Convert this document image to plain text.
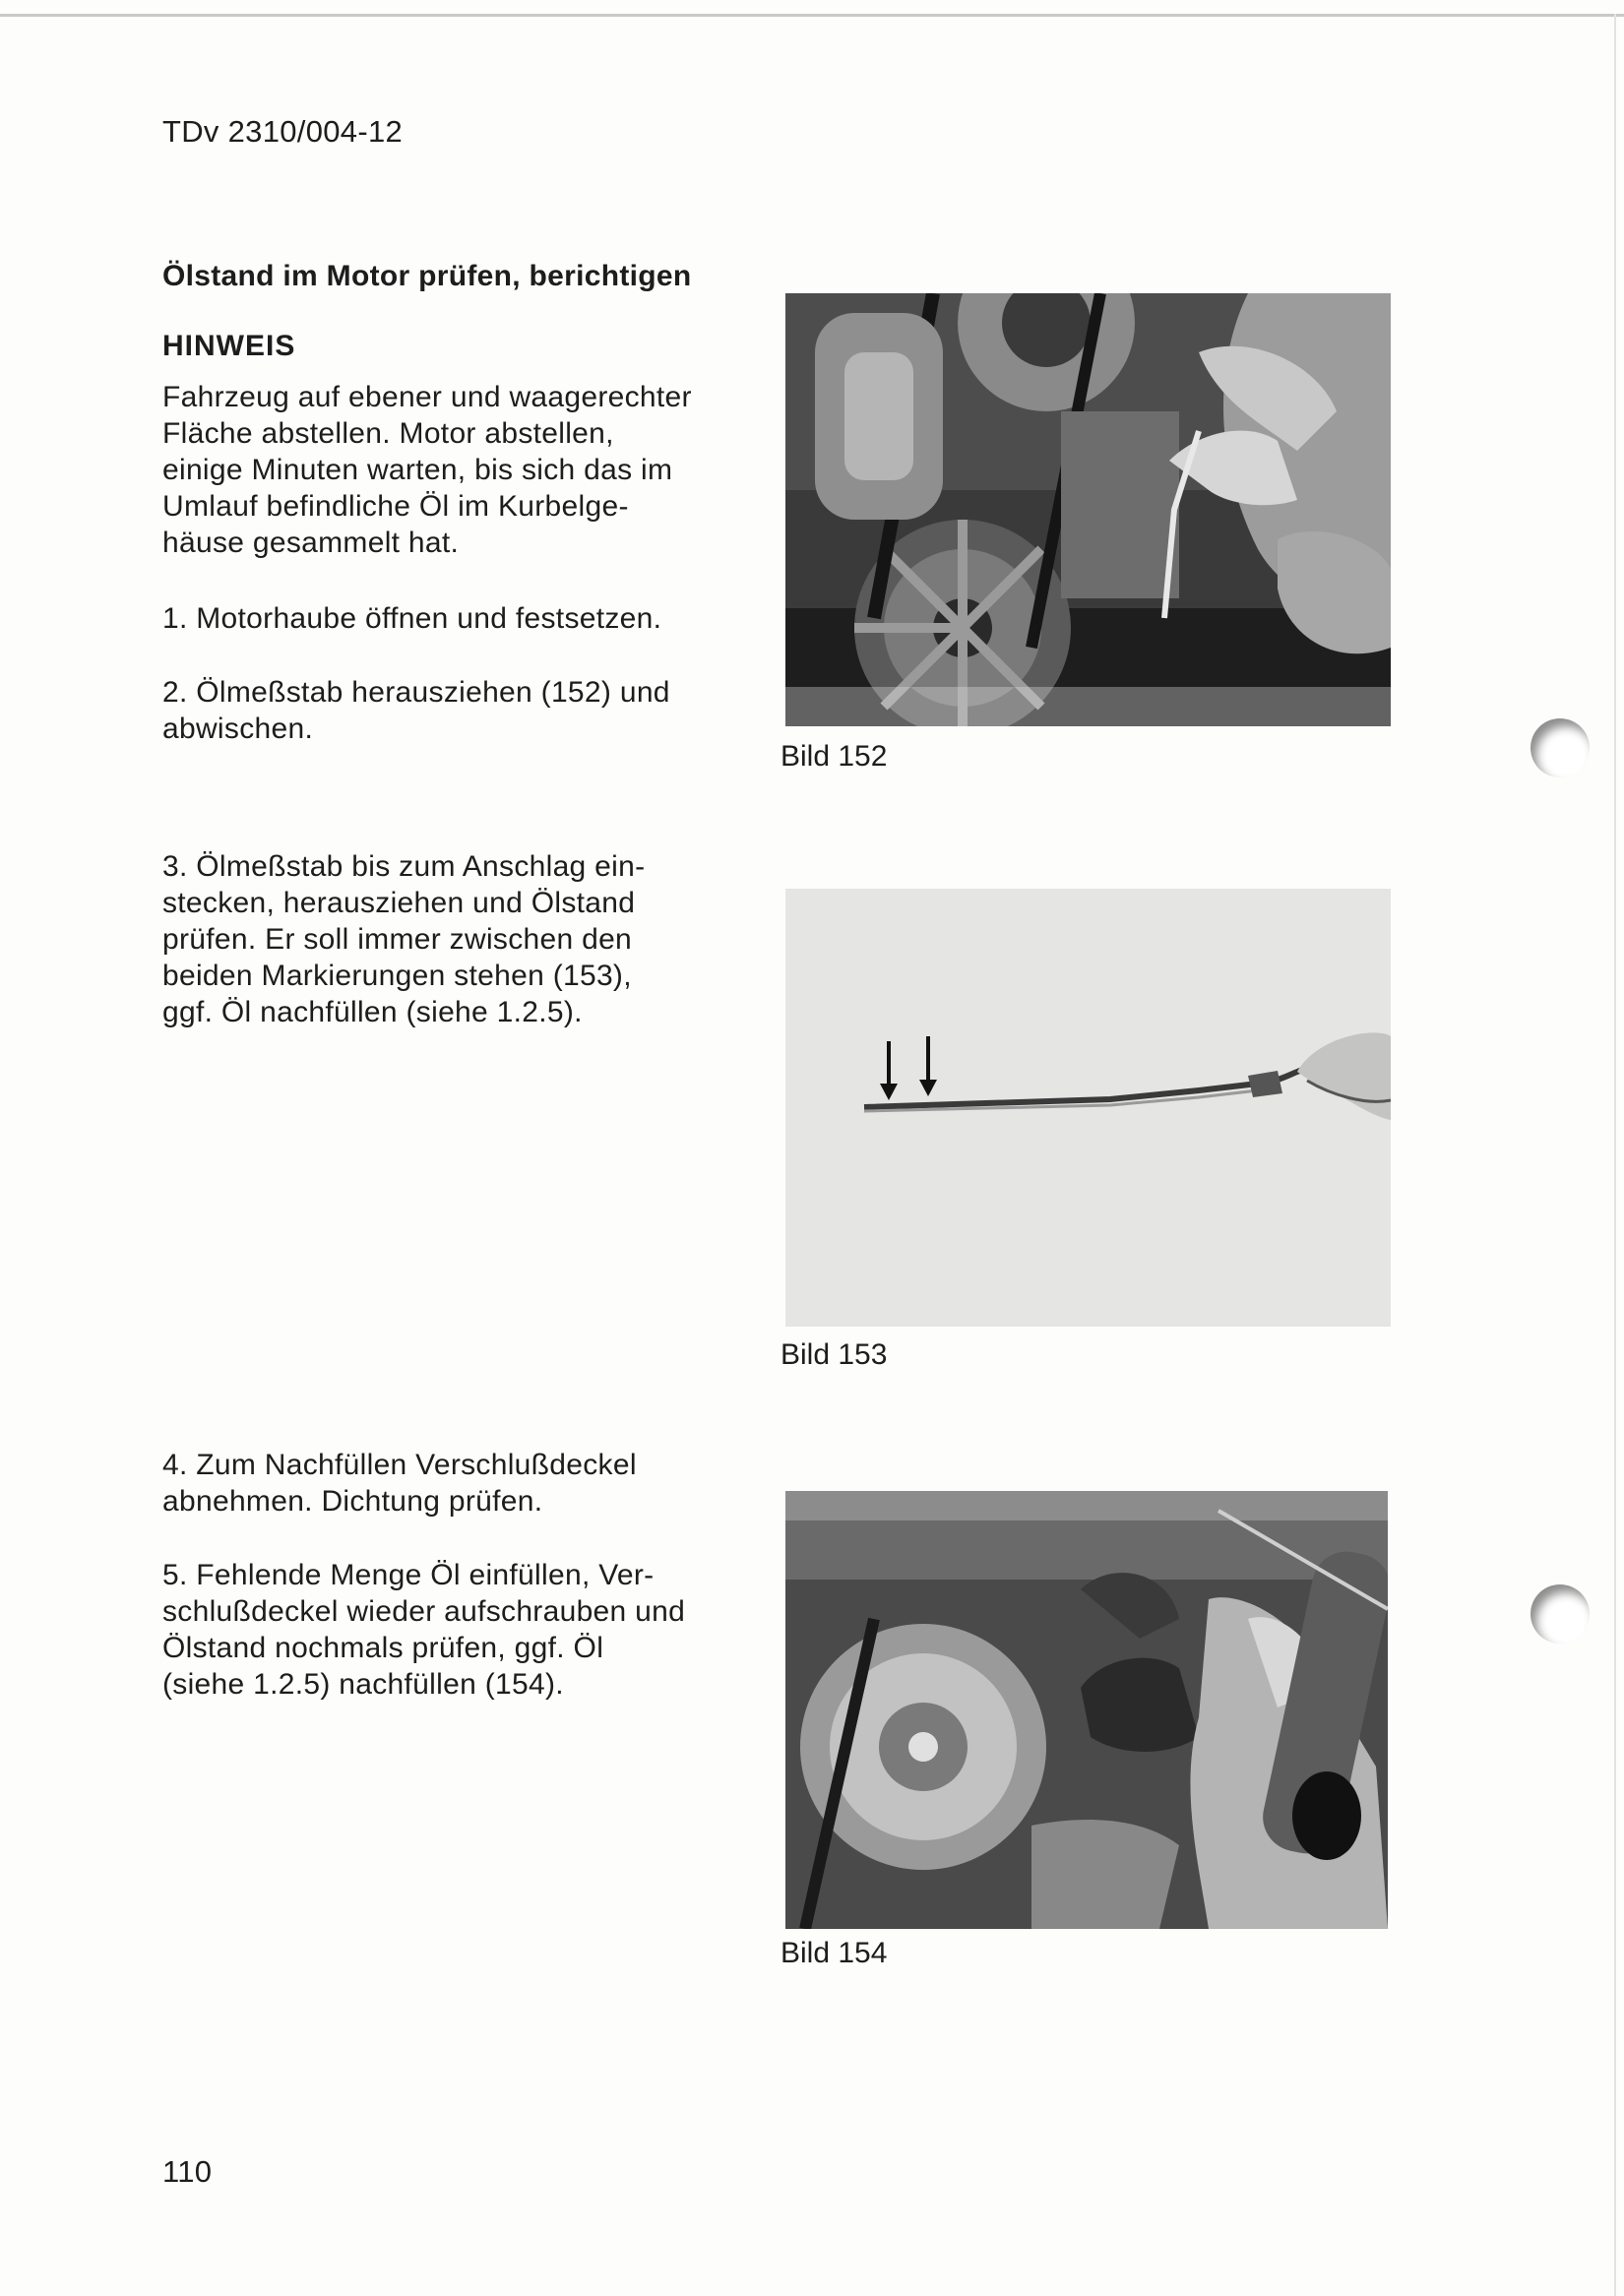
TDv 2310/004-12
Ölstand im Motor prüfen, berichtigen
HINWEIS
Fahrzeug auf ebener und waagerechter
Fläche abstellen. Motor abstellen,
einige Minuten warten, bis sich das im
Umlauf befindliche Öl im Kurbelge-
häuse gesammelt hat.
1. Motorhaube öffnen und festsetzen.
2. Ölmeßstab herausziehen (152) und
abwischen.
3. Ölmeßstab bis zum Anschlag ein-
stecken, herausziehen und Ölstand
prüfen. Er soll immer zwischen den
beiden Markierungen stehen (153),
ggf. Öl nachfüllen (siehe 1.2.5).
4. Zum Nachfüllen Verschlußdeckel
abnehmen. Dichtung prüfen.
5. Fehlende Menge Öl einfüllen, Ver-
schlußdeckel wieder aufschrauben und
Ölstand nochmals prüfen, ggf. Öl
(siehe 1.2.5) nachfüllen (154).
Bild 152
Bild 153
Bild 154
110
